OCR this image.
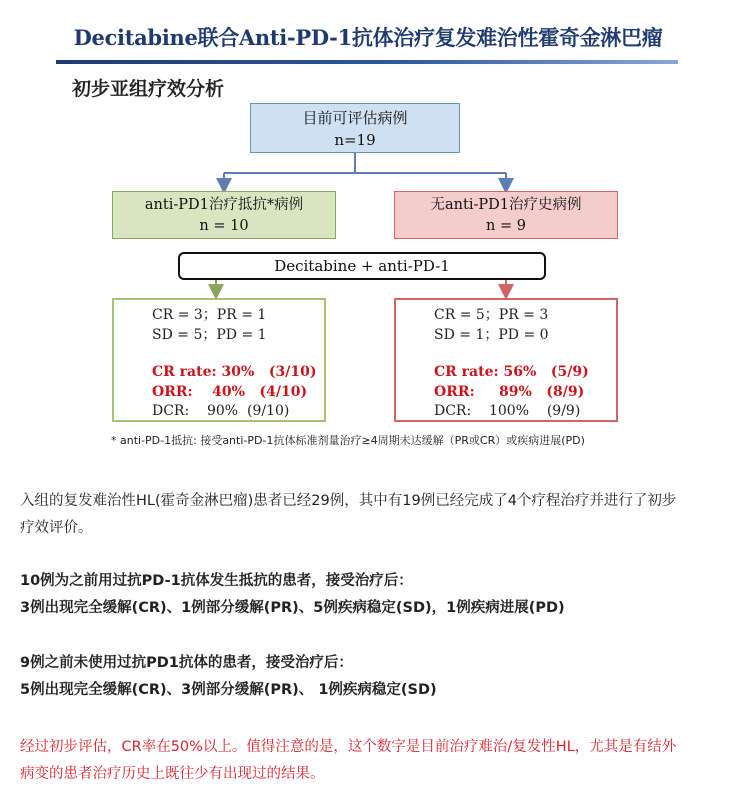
Decitabine联合Anti-PD-1抗体治疗复发难治性霍奇金淋巴瘤
初步亚组疗效分析
目前可评估病例
n=19
anti-PD1治疗抵抗*病例
n = 10
无anti-PD1治疗史病例
n = 9
Decitabine + anti-PD-1
CR = 3；PR = 1
SD = 5；PD = 1
CR rate: 30%   (3/10)
ORR:    40%   (4/10)
DCR:    90%  (9/10)
CR = 5；PR = 3
SD = 1；PD = 0
CR rate: 56%   (5/9)
ORR:     89%   (8/9)
DCR:    100%    (9/9)
* anti-PD-1抵抗: 接受anti-PD-1抗体标准剂量治疗≥4周期未达缓解（PR或CR）或疾病进展(PD)
入组的复发难治性HL(霍奇金淋巴瘤)患者已经29例，其中有19例已经完成了4个疗程治疗并进行了初步
疗效评价。
10例为之前用过抗PD-1抗体发生抵抗的患者，接受治疗后：
3例出现完全缓解(CR)、1例部分缓解(PR)、5例疾病稳定(SD)，1例疾病进展(PD)
9例之前未使用过抗PD1抗体的患者，接受治疗后：
5例出现完全缓解(CR)、3例部分缓解(PR)、 1例疾病稳定(SD)
经过初步评估，CR率在50%以上。值得注意的是，这个数字是目前治疗难治/复发性HL，尤其是有结外
病变的患者治疗历史上既往少有出现过的结果。
